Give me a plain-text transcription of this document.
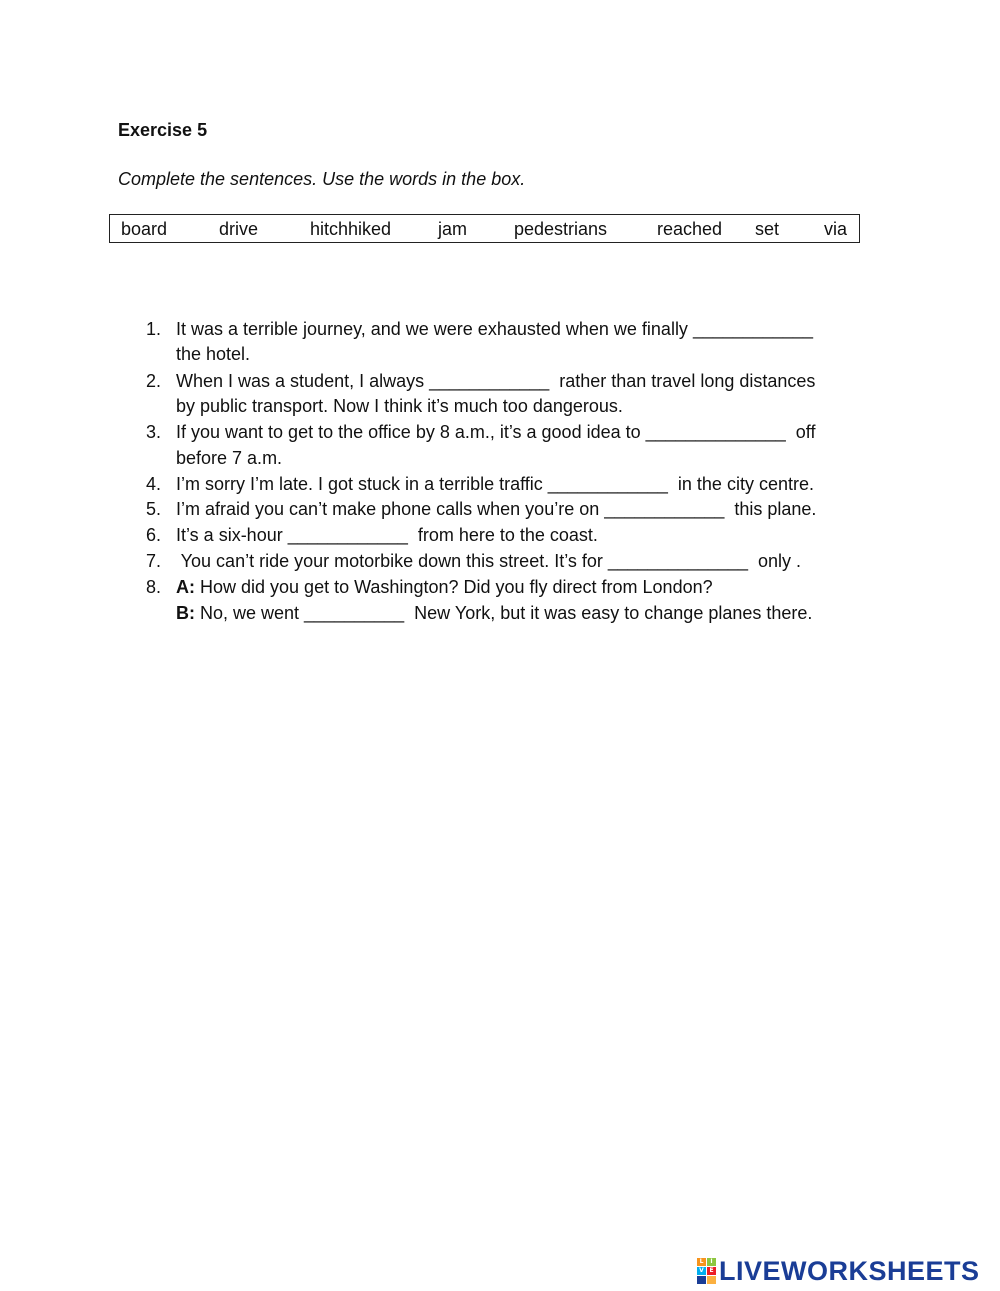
Exercise 5
Complete the sentences. Use the words in the box.
board	drive	hitchhiked	jam	pedestrians	reached set via
1. It was a terrible journey, and we were exhausted when we finally ____________
the hotel.
2. When I was a student, I always ____________  rather than travel long distances
by public transport. Now I think it’s much too dangerous.
3. If you want to get to the office by 8 a.m., it’s a good idea to ______________  off
before 7 a.m.
4. I’m sorry I’m late. I got stuck in a terrible traffic ____________  in the city centre.
5. I’m afraid you can’t make phone calls when you’re on ____________  this plane.
6. It’s a six-hour ____________  from here to the coast.
7. You can’t ride your motorbike down this street. It’s for ______________  only .
8. A: How did you get to Washington? Did you fly direct from London?
B: No, we went __________  New York, but it was easy to change planes there.
L	I
V E LIVEWORKSHEETS
